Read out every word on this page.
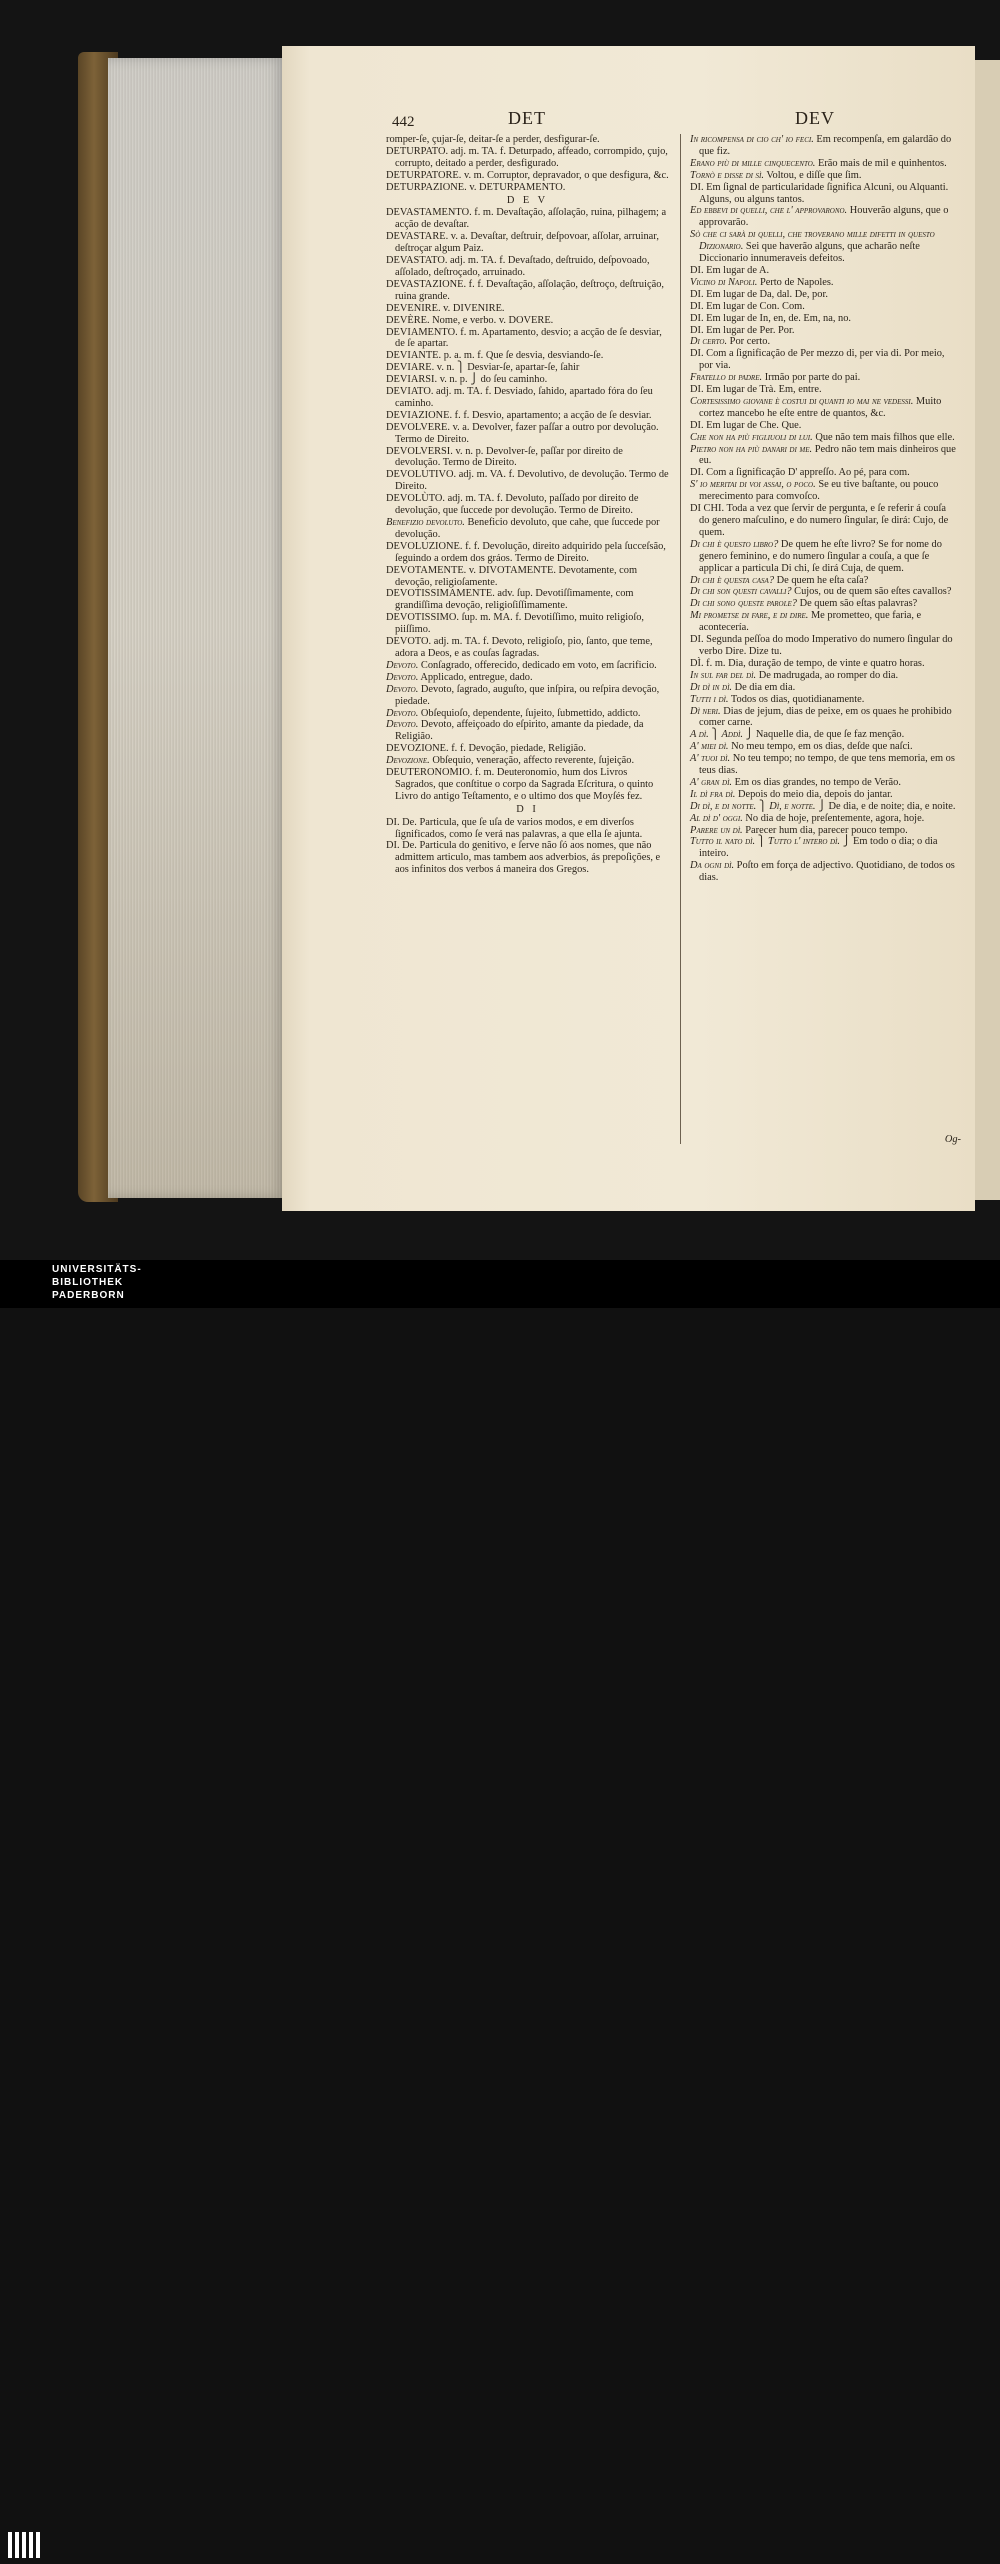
442	DET	DEV

romper-ſe, çujar-ſe, deitar-ſe a perder, desfigurar-ſe.

DETURPATO. adj. m. TA. f. Deturpado, affeado, corrompido, çujo, corrupto, deitado a perder, desfigurado.

DETURPATORE. v. m. Corruptor, depravador, o que desfigura, &c.

DETURPAZIONE. v. DETURPAMENTO.

D E V

DEVASTAMENTO. f. m. Devaſtação, aſſolação, ruina, pilhagem; a acção de devaſtar.

DEVASTARE. v. a. Devaſtar, deſtruir, deſpovoar, aſſolar, arruinar, deſtroçar algum Paiz.

DEVASTATO. adj. m. TA. f. Devaſtado, deſtruido, deſpovoado, aſſolado, deſtroçado, arruinado.

DEVASTAZIONE. f. f. Devaſtação, aſſolação, deſtroço, deſtruição, ruina grande.

DEVENIRE. v. DIVENIRE.

DEVÈRE. Nome, e verbo. v. DOVERE.

DEVIAMENTO. f. m. Apartamento, desvio; a acção de ſe desviar, de ſe apartar.

DEVIANTE. p. a. m. f. Que ſe desvia, desviando-ſe.

DEVIARE. v. n. ⎫ Desviar-ſe, apartar-ſe, ſahir

DEVIARSI. v. n. p. ⎭ do ſeu caminho.

DEVIATO. adj. m. TA. f. Desviado, ſahido, apartado fóra do ſeu caminho.

DEVIAZIONE. f. f. Desvio, apartamento; a acção de ſe desviar.

DEVOLVERE. v. a. Devolver, fazer paſſar a outro por devolução. Termo de Direito.

DEVOLVERSI. v. n. p. Devolver-ſe, paſſar por direito de devolução. Termo de Direito.

DEVOLUTIVO. adj. m. VA. f. Devolutivo, de devolução. Termo de Direito.

DEVOLÙTO. adj. m. TA. f. Devoluto, paſſado por direito de devolução, que ſuccede por devolução. Termo de Direito.

Benefizio devoluto. Beneficio devoluto, que cahe, que ſuccede por devolução.

DEVOLUZIONE. f. f. Devolução, direito adquirido pela ſucceſsão, ſeguindo a ordem dos gráos. Termo de Direito.

DEVOTAMENTE. v. DIVOTAMENTE. Devotamente, com devoção, religioſamente.

DEVOTISSIMAMENTE. adv. ſup. Devotiſſimamente, com grandiſſima devoção, religioſiſſimamente.

DEVOTISSIMO. ſup. m. MA. f. Devotiſſimo, muito religioſo, piiſſimo.

DEVOTO. adj. m. TA. f. Devoto, religioſo, pio, ſanto, que teme, adora a Deos, e as couſas ſagradas.

Devoto. Conſagrado, offerecido, dedicado em voto, em ſacrificio.

Devoto. Applicado, entregue, dado.

Devoto. Devoto, ſagrado, auguſto, que inſpira, ou reſpira devoção, piedade.

Devoto. Obſequioſo, dependente, ſujeito, ſubmettido, addicto.

Devoto. Devoto, affeiçoado do eſpirito, amante da piedade, da Religião.

DEVOZIONE. f. f. Devoção, piedade, Religião.

Devozione. Obſequio, veneração, affecto reverente, ſujeição.

DEUTERONOMIO. f. m. Deuteronomio, hum dos Livros Sagrados, que conſtitue o corpo da Sagrada Eſcritura, o quinto Livro do antigo Teſtamento, e o ultimo dos que Moyſés fez.

D I

DI. De. Particula, que ſe uſa de varios modos, e em diverſos ſignificados, como ſe verá nas palavras, a que ella ſe ajunta.

DI. De. Particula do genitivo, e ſerve não ſó aos nomes, que não admittem articulo, mas tambem aos adverbios, ás prepoſições, e aos infinitos dos verbos á maneira dos Gregos.

In ricompenſa di cio ch' io feci. Em recompenſa, em galardão do que fiz.

Erano più di mille cinquecento. Erão mais de mil e quinhentos.

Tornò e diſſe di sì. Voltou, e diſſe que ſim.

DI. Em ſignal de particularidade ſignifica Alcuni, ou Alquanti. Alguns, ou alguns tantos.

Ed ebbevi di quelli, che l' approvarono. Houverão alguns, que o approvarão.

Sò che ci ſarà di quelli, che troverano mille difetti in queſto Dizionario. Sei que haverão alguns, que acharão neſte Diccionario innumeraveis defeitos.

DI. Em lugar de A.

Vicino di Napoli. Perto de Napoles.

DI. Em lugar de Da, dal. De, por.

DI. Em lugar de Con. Com.

DI. Em lugar de In, en, de. Em, na, no.

DI. Em lugar de Per. Por.

Di certo. Por certo.

DI. Com a ſignificação de Per mezzo di, per via di. Por meio, por via.

Fratello di padre. Irmão por parte do pai.

DI. Em lugar de Trà. Em, entre.

Corteſiſſimo giovane è coſtui di quanti io mai ne vedeſſi. Muito cortez mancebo he eſte entre de quantos, &c.

DI. Em lugar de Che. Que.

Che non ha più figliuoli di lui. Que não tem mais filhos que elle.

Pietro non ha più danari di me. Pedro não tem mais dinheiros que eu.

DI. Com a ſignificação D' appreſſo. Ao pé, para com.

S' io meritai di voi aſſai, o poco. Se eu tive baſtante, ou pouco merecimento para comvoſco.

DI CHI. Toda a vez que ſervir de pergunta, e ſe referir á couſa do genero maſculino, e do numero ſingular, ſe dirá: Cujo, de quem.

Di chi è queſto libro? De quem he eſte livro? Se for nome do genero feminino, e do numero ſingular a couſa, a que ſe applicar a particula Di chi, ſe dirá Cuja, de quem.

Di chi è queſta caſa? De quem he eſta caſa?

Di chi ſon queſti cavalli? Cujos, ou de quem são eſtes cavallos?

Di chi ſono queſte parole? De quem são eſtas palavras?

Mi prometſe di fare, e di dire. Me prometteo, que faria, e acontecería.

DI. Segunda peſſoa do modo Imperativo do numero ſingular do verbo Dire. Dize tu.

DÌ. f. m. Dia, duração de tempo, de vinte e quatro horas.

In ſul far del dì. De madrugada, ao romper do dia.

Di dì in dì. De dia em dia.

Tutti i dì. Todos os dias, quotidianamente.

Dì neri. Dias de jejum, dias de peixe, em os quaes he prohibido comer carne.

A dì. ⎫ Addì. ⎭ Naquelle dia, de que ſe faz menção.

A' miei dì. No meu tempo, em os dias, deſde que naſci.

A' tuoi dì. No teu tempo; no tempo, de que tens memoria, em os teus dias.

A' gran dì. Em os dias grandes, no tempo de Verão.

Il dì fra dì. Depois do meio dia, depois do jantar.

Di dì, e di notte. ⎫ Dì, e notte. ⎭ De dia, e de noite; dia, e noite.

Al dì d' oggi. No dia de hoje, preſentemente, agora, hoje.

Parere un dì. Parecer hum dia, parecer pouco tempo.

Tutto il nato dì. ⎫ Tutto l' intero dì. ⎭ Em todo o dia; o dia inteiro.

Da ogni dì. Poſto em força de adjectivo. Quotidiano, de todos os dias.

Og-
UNIVERSITÄTS-
BIBLIOTHEK
PADERBORN
